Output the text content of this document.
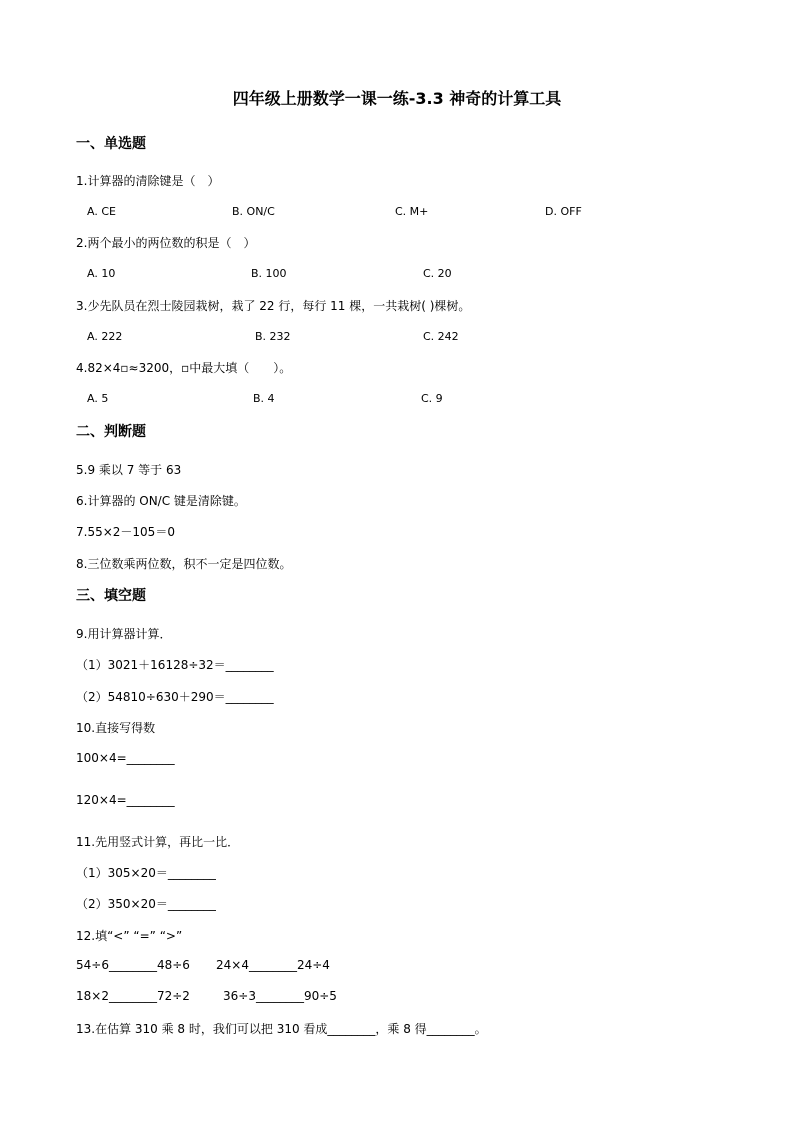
四年级上册数学一课一练-3.3 神奇的计算工具
一、单选题
1.计算器的清除键是（　）
A. CE	B. ON/C	C. M+	D. OFF
2.两个最小的两位数的积是（　）
A. 10	B. 100	C. 20
3.少先队员在烈士陵园栽树，栽了 22 行，每行 11 棵，一共栽树( )棵树。
A. 222	B. 232	C. 242
4.82×4▫≈3200，▫中最大填（　　）。
A. 5	B. 4	C. 9
二、判断题
5.9 乘以 7 等于 63
6.计算器的 ON/C 键是清除键。
7.55×2－105＝0
8.三位数乘两位数，积不一定是四位数。
三、填空题
9.用计算器计算．
（1）3021＋16128÷32＝________
（2）54810÷630＋290＝________
10.直接写得数
100×4=________
120×4=________
11.先用竖式计算，再比一比．
（1）305×20＝________
（2）350×20＝________
12.填“<” “=” “>”
54÷6________48÷6 24×4________24÷4
18×2________72÷2	36÷3________90÷5
13.在估算 310 乘 8 时，我们可以把 310 看成________，乘 8 得________。
